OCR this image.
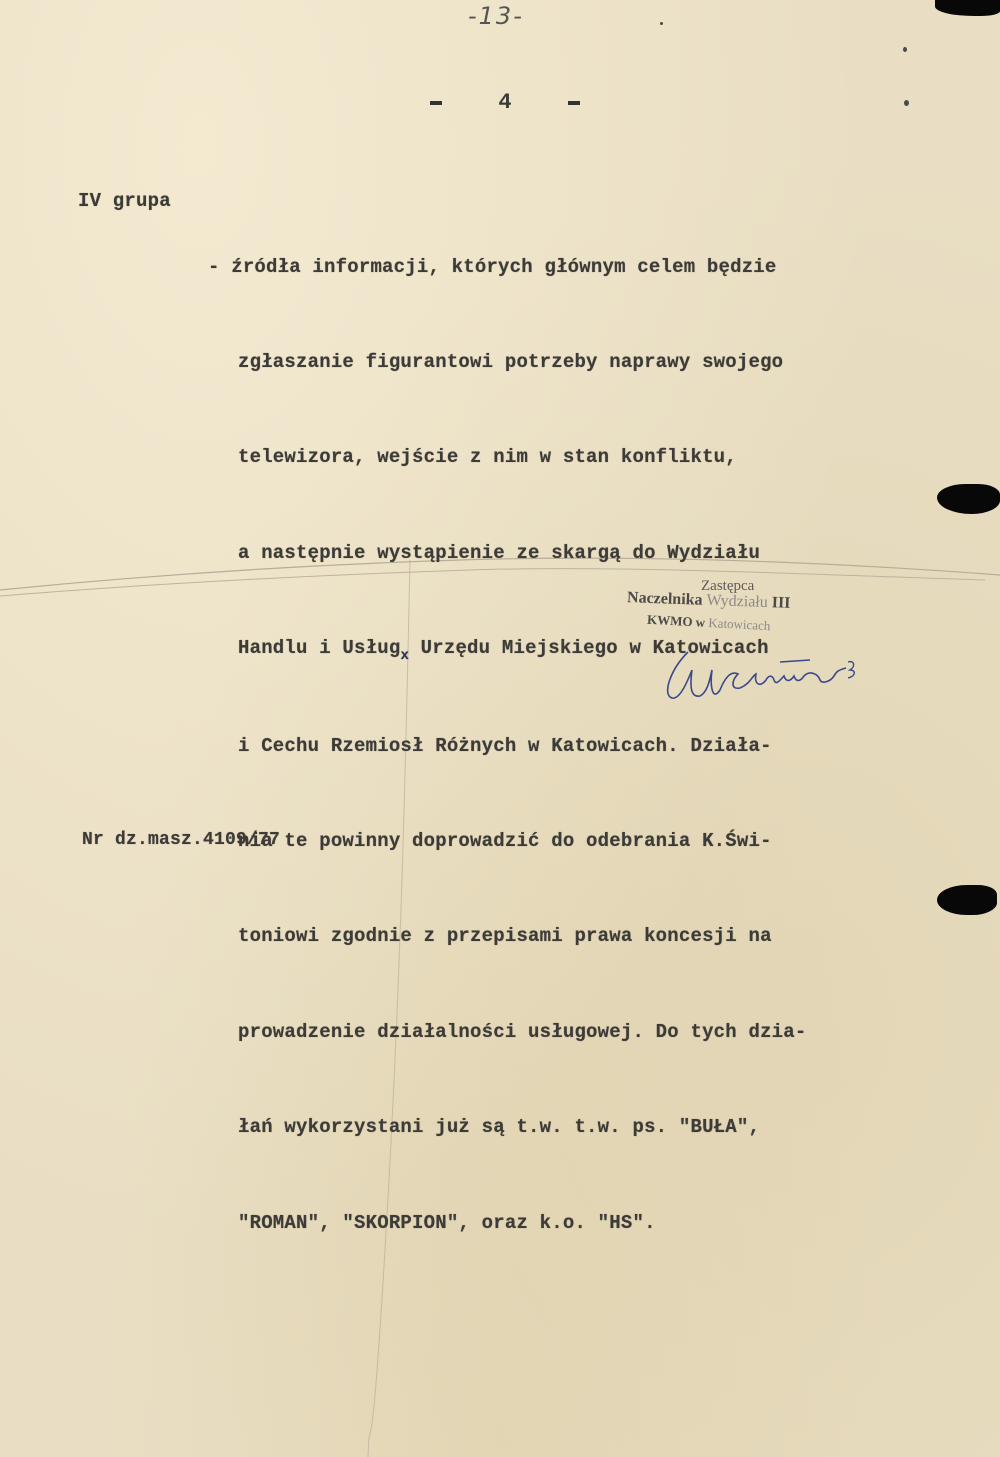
-13-
4
IV grupa

- źródła informacji, których głównym celem będzie

zgłaszanie figurantowi potrzeby naprawy swojego

telewizora, wejście z nim w stan konfliktu,

a następnie wystąpienie ze skargą do Wydziału

Handlu i Usług$_x$ Urzędu Miejskiego w Katowicach

i Cechu Rzemiosł Różnych w Katowicach. Działa-

nia te powinny doprowadzić do odebrania K.Świ-

toniowi zgodnie z przepisami prawa koncesji na

prowadzenie działalności usługowej. Do tych dzia-

łań wykorzystani już są t.w. t.w. ps. "BUŁA",

"ROMAN", "SKORPION", oraz k.o. "HS".

Zastępca
Naczelnika Wydziału III
KWMO w Katowicach
Nr dz.masz.4109/77
